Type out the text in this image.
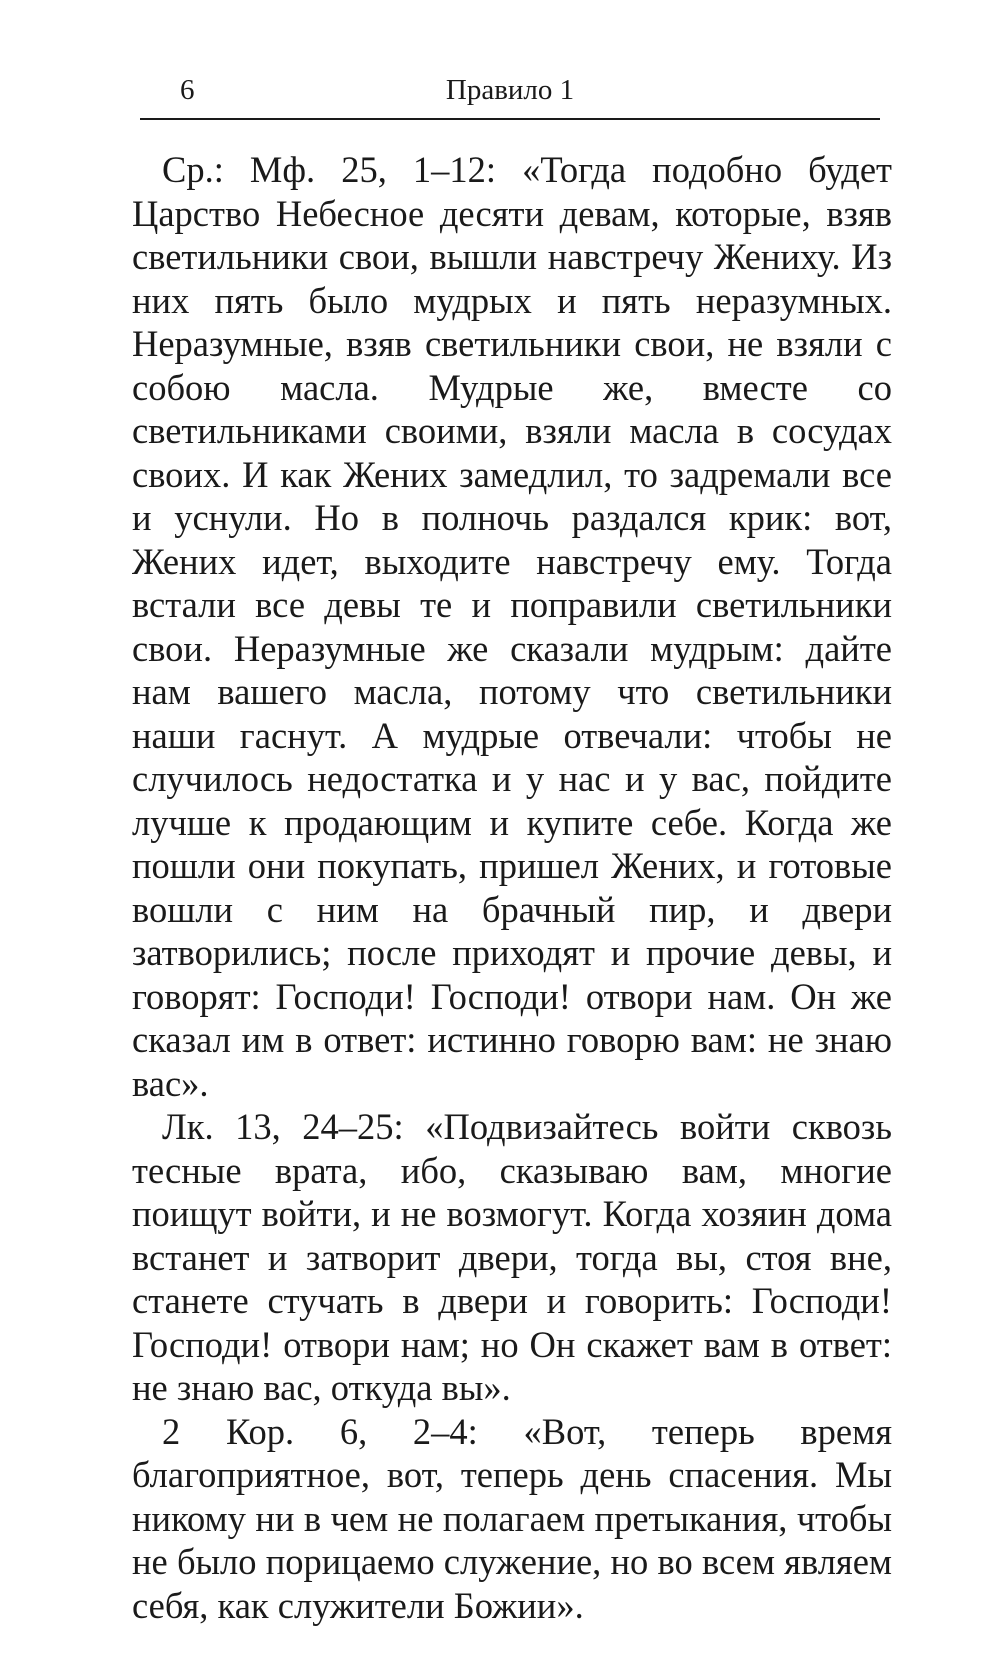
6	Правило 1

Ср.: Мф. 25, 1–12: «Тогда подобно будет Царство Небесное десяти девам, которые, взяв светильники свои, вышли навстречу Жениху. Из них пять было мудрых и пять неразумных. Неразумные, взяв светильники свои, не взяли с собою масла. Мудрые же, вместе со светильниками своими, взяли масла в сосудах своих. И как Жених замедлил, то задремали все и уснули. Но в полночь раздался крик: вот, Жених идет, выходите навстречу ему. Тогда встали все девы те и поправили светильники свои. Неразумные же сказали мудрым: дайте нам вашего масла, потому что светильники наши гаснут. А мудрые отвечали: чтобы не случилось недостатка и у нас и у вас, пойдите лучше к продающим и купите себе. Когда же пошли они покупать, пришел Жених, и готовые вошли с ним на брачный пир, и двери затворились; после приходят и прочие девы, и говорят: Господи! Господи! отвори нам. Он же сказал им в ответ: истинно говорю вам: не знаю вас».

Лк. 13, 24–25: «Подвизайтесь войти сквозь тесные врата, ибо, сказываю вам, многие поищут войти, и не возмогут. Когда хозяин дома встанет и затворит двери, тогда вы, стоя вне, станете стучать в двери и говорить: Господи! Господи! отвори нам; но Он скажет вам в ответ: не знаю вас, откуда вы».

2 Кор. 6, 2–4: «Вот, теперь время благоприятное, вот, теперь день спасения. Мы никому ни в чем не полагаем претыкания, чтобы не было порицаемо служение, но во всем являем себя, как служители Божии».
